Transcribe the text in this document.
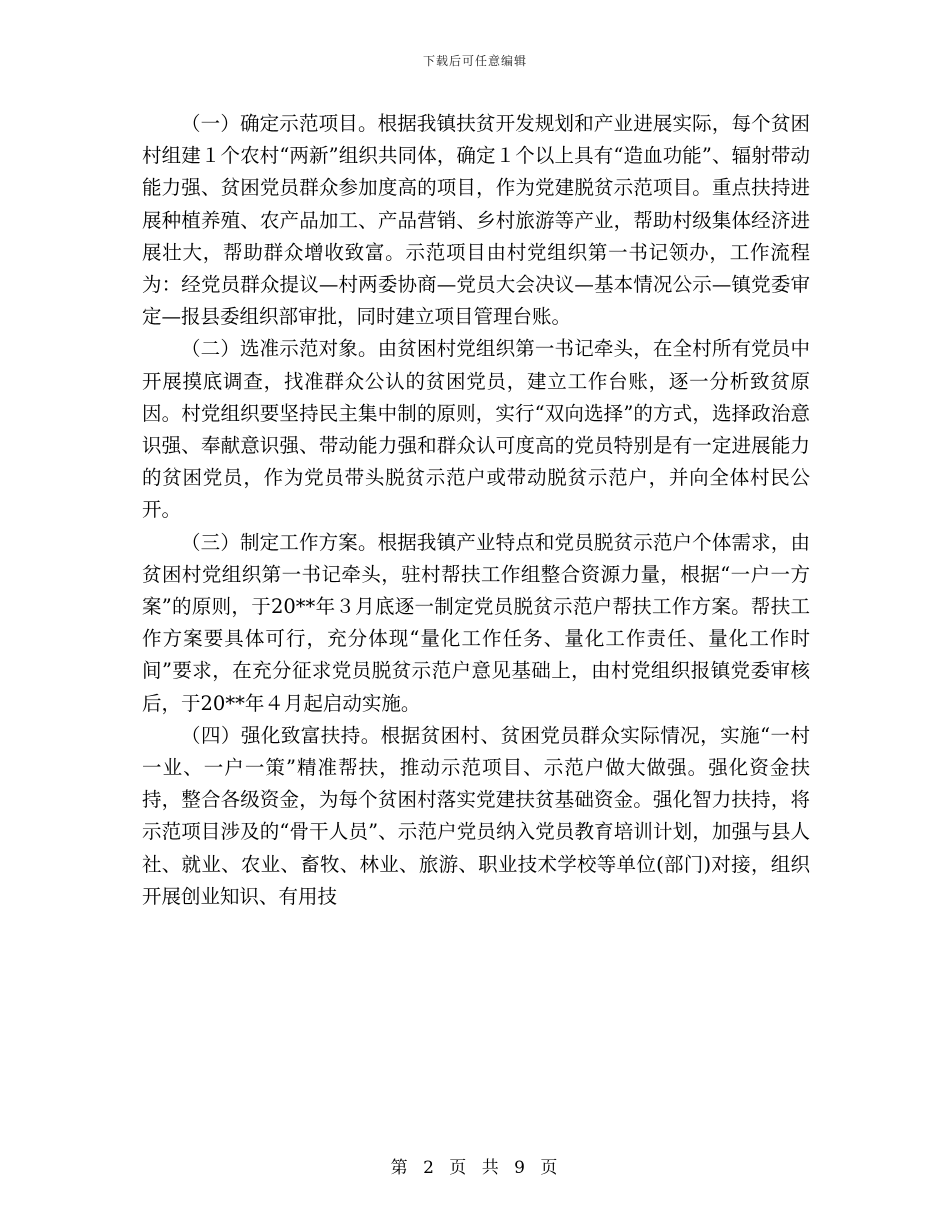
下载后可任意编辑

（一）确定示范项目。根据我镇扶贫开发规划和产业进展实际，每个贫困村组建１个农村“两新”组织共同体，确定１个以上具有“造血功能”、辐射带动能力强、贫困党员群众参加度高的项目，作为党建脱贫示范项目。重点扶持进展种植养殖、农产品加工、产品营销、乡村旅游等产业，帮助村级集体经济进展壮大，帮助群众增收致富。示范项目由村党组织第一书记领办，工作流程为：经党员群众提议—村两委协商—党员大会决议—基本情况公示—镇党委审定—报县委组织部审批，同时建立项目管理台账。

（二）选准示范对象。由贫困村党组织第一书记牵头，在全村所有党员中开展摸底调查，找准群众公认的贫困党员，建立工作台账，逐一分析致贫原因。村党组织要坚持民主集中制的原则，实行“双向选择”的方式，选择政治意识强、奉献意识强、带动能力强和群众认可度高的党员特别是有一定进展能力的贫困党员，作为党员带头脱贫示范户或带动脱贫示范户，并向全体村民公开。

（三）制定工作方案。根据我镇产业特点和党员脱贫示范户个体需求，由贫困村党组织第一书记牵头，驻村帮扶工作组整合资源力量，根据“一户一方案”的原则，于20**年３月底逐一制定党员脱贫示范户帮扶工作方案。帮扶工作方案要具体可行，充分体现“量化工作任务、量化工作责任、量化工作时间”要求，在充分征求党员脱贫示范户意见基础上，由村党组织报镇党委审核后，于20**年４月起启动实施。

（四）强化致富扶持。根据贫困村、贫困党员群众实际情况，实施“一村一业、一户一策”精准帮扶，推动示范项目、示范户做大做强。强化资金扶持，整合各级资金，为每个贫困村落实党建扶贫基础资金。强化智力扶持，将示范项目涉及的“骨干人员”、示范户党员纳入党员教育培训计划，加强与县人社、就业、农业、畜牧、林业、旅游、职业技术学校等单位(部门)对接，组织开展创业知识、有用技

第 2 页 共 9 页
